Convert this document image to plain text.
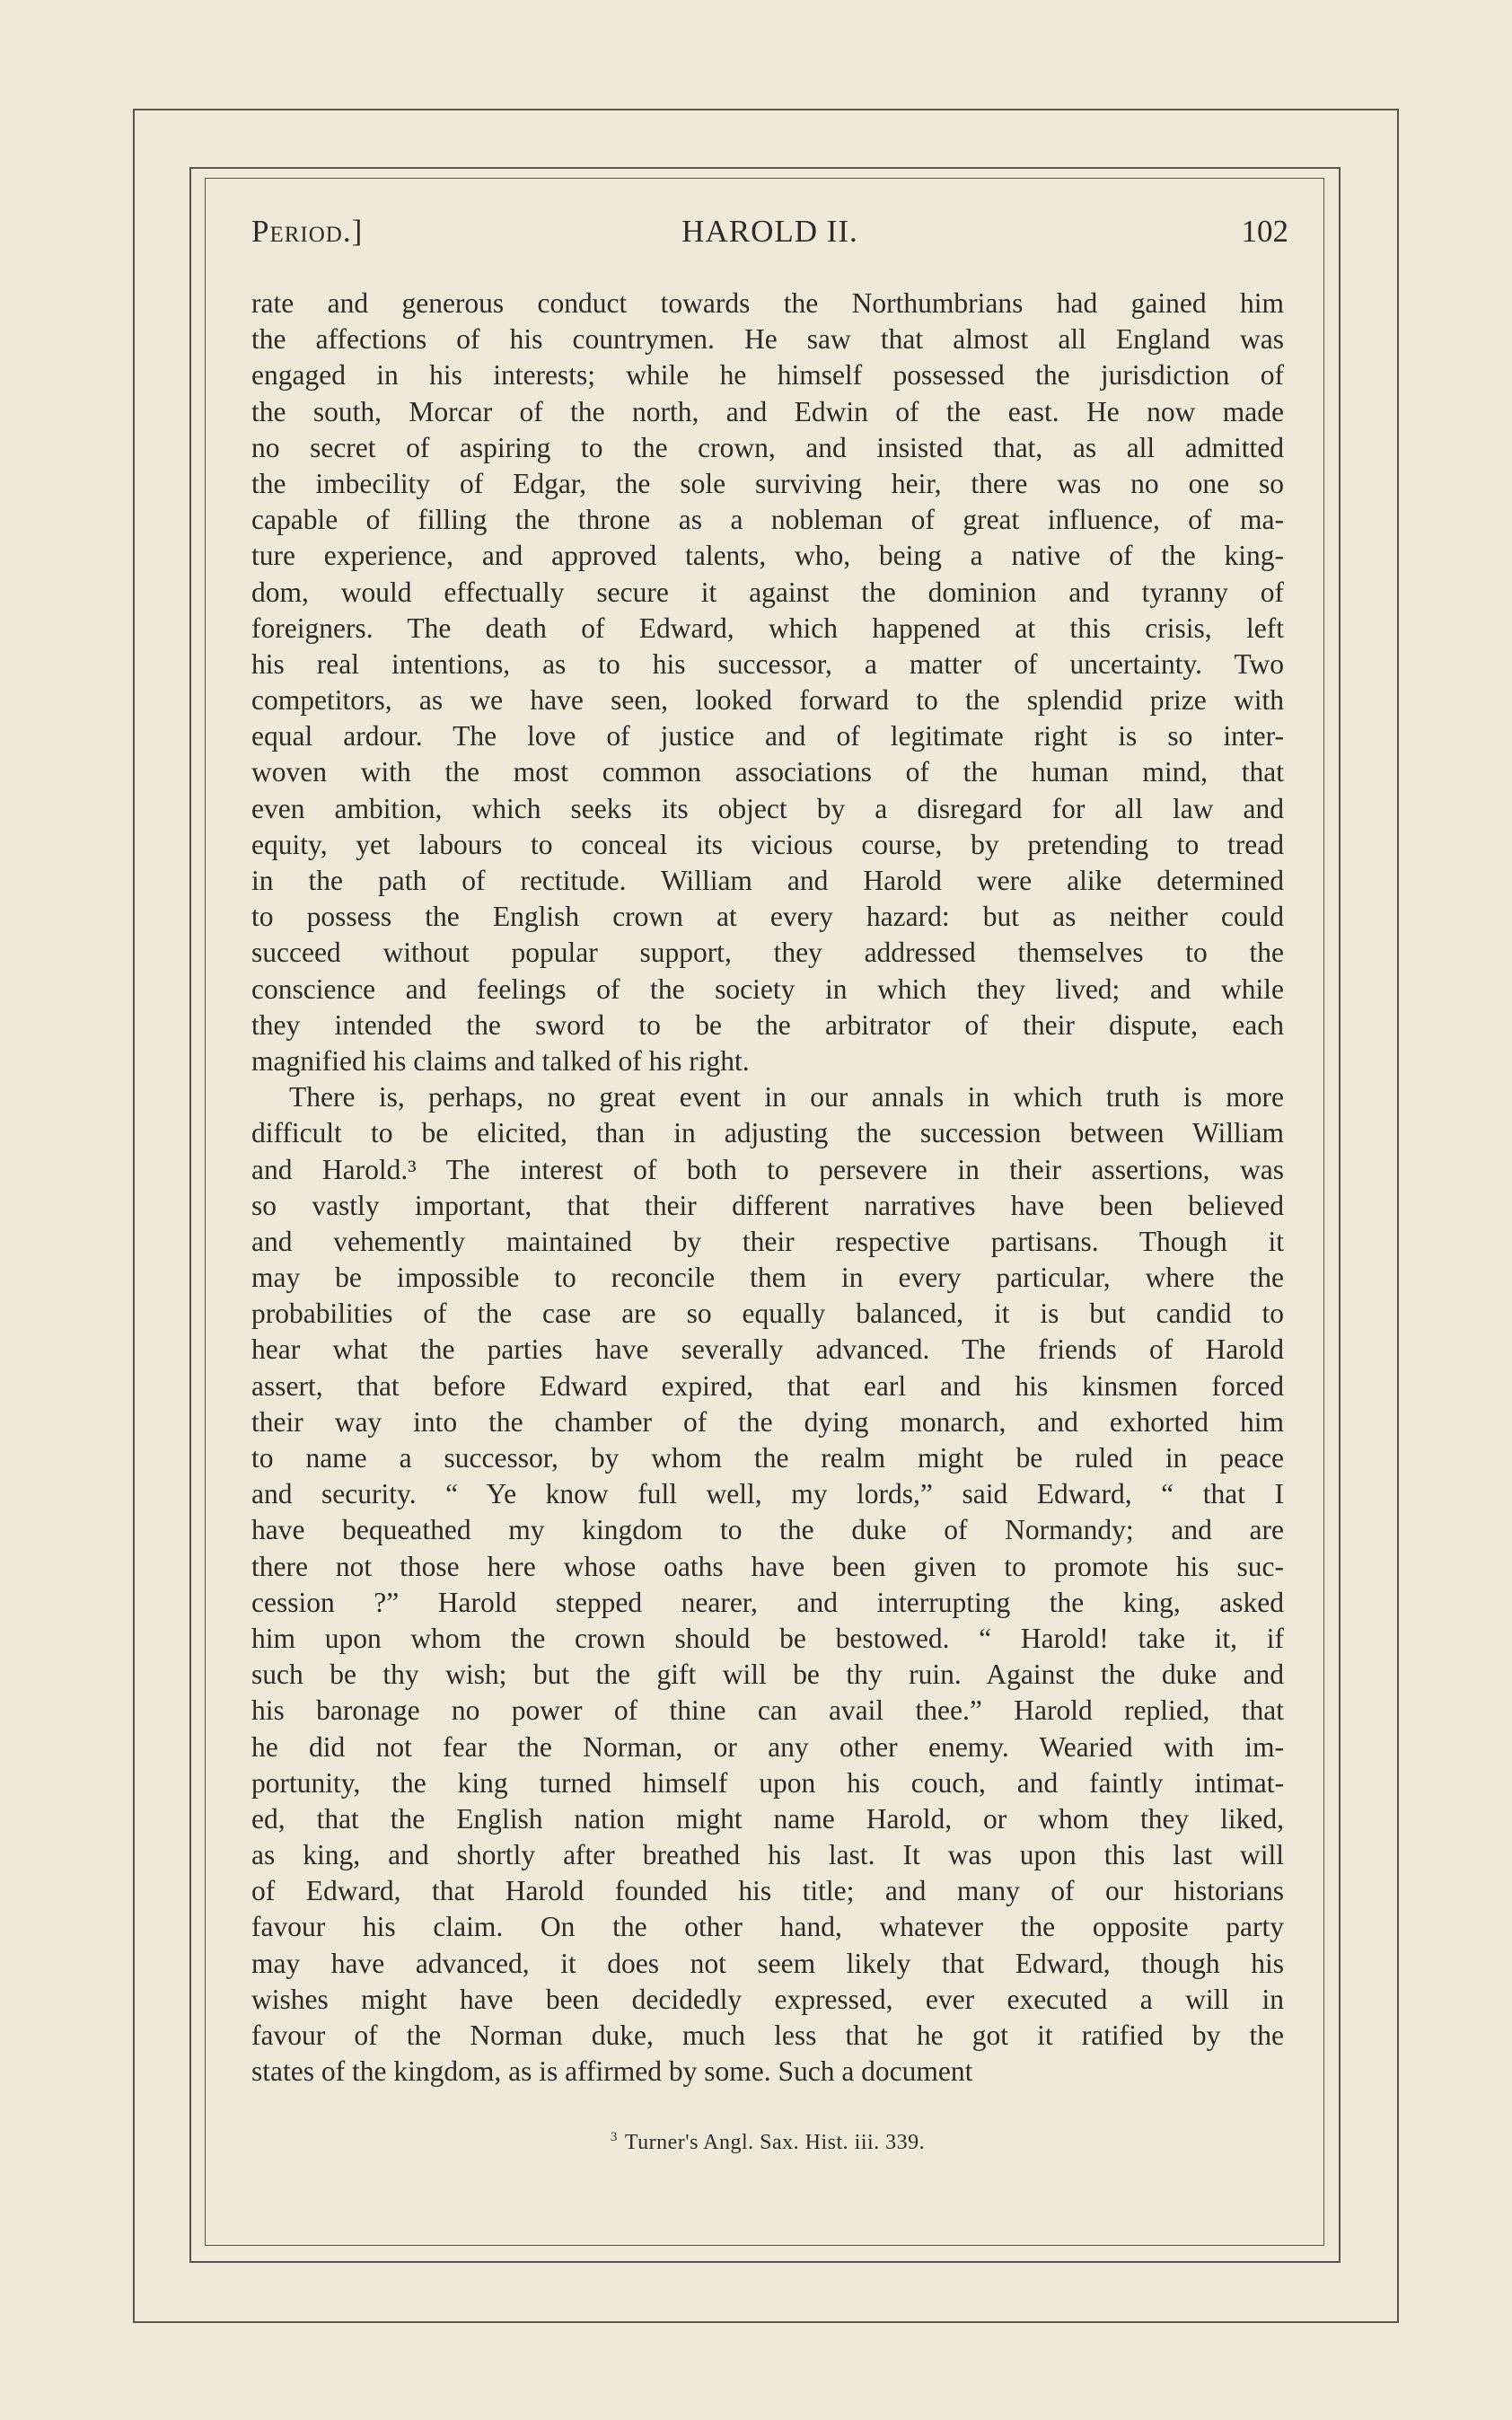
Period.]	HAROLD II.	102
rate and generous conduct towards the Northumbrians had gained him
the affections of his countrymen. He saw that almost all England was
engaged in his interests; while he himself possessed the jurisdiction of
the south, Morcar of the north, and Edwin of the east. He now made
no secret of aspiring to the crown, and insisted that, as all admitted
the imbecility of Edgar, the sole surviving heir, there was no one so
capable of filling the throne as a nobleman of great influence, of ma-
ture experience, and approved talents, who, being a native of the king-
dom, would effectually secure it against the dominion and tyranny of
foreigners. The death of Edward, which happened at this crisis, left
his real intentions, as to his successor, a matter of uncertainty. Two
competitors, as we have seen, looked forward to the splendid prize with
equal ardour. The love of justice and of legitimate right is so inter-
woven with the most common associations of the human mind, that
even ambition, which seeks its object by a disregard for all law and
equity, yet labours to conceal its vicious course, by pretending to tread
in the path of rectitude. William and Harold were alike determined
to possess the English crown at every hazard: but as neither could
succeed without popular support, they addressed themselves to the
conscience and feelings of the society in which they lived; and while
they intended the sword to be the arbitrator of their dispute, each
magnified his claims and talked of his right.
There is, perhaps, no great event in our annals in which truth is more
difficult to be elicited, than in adjusting the succession between William
and Harold.³ The interest of both to persevere in their assertions, was
so vastly important, that their different narratives have been believed
and vehemently maintained by their respective partisans. Though it
may be impossible to reconcile them in every particular, where the
probabilities of the case are so equally balanced, it is but candid to
hear what the parties have severally advanced. The friends of Harold
assert, that before Edward expired, that earl and his kinsmen forced
their way into the chamber of the dying monarch, and exhorted him
to name a successor, by whom the realm might be ruled in peace
and security. “ Ye know full well, my lords,” said Edward, “ that I
have bequeathed my kingdom to the duke of Normandy; and are
there not those here whose oaths have been given to promote his suc-
cession ?” Harold stepped nearer, and interrupting the king, asked
him upon whom the crown should be bestowed. “ Harold! take it, if
such be thy wish; but the gift will be thy ruin. Against the duke and
his baronage no power of thine can avail thee.” Harold replied, that
he did not fear the Norman, or any other enemy. Wearied with im-
portunity, the king turned himself upon his couch, and faintly intimat-
ed, that the English nation might name Harold, or whom they liked,
as king, and shortly after breathed his last. It was upon this last will
of Edward, that Harold founded his title; and many of our historians
favour his claim. On the other hand, whatever the opposite party
may have advanced, it does not seem likely that Edward, though his
wishes might have been decidedly expressed, ever executed a will in
favour of the Norman duke, much less that he got it ratified by the
states of the kingdom, as is affirmed by some. Such a document
$^3$ Turner's Angl. Sax. Hist. iii. 339.
